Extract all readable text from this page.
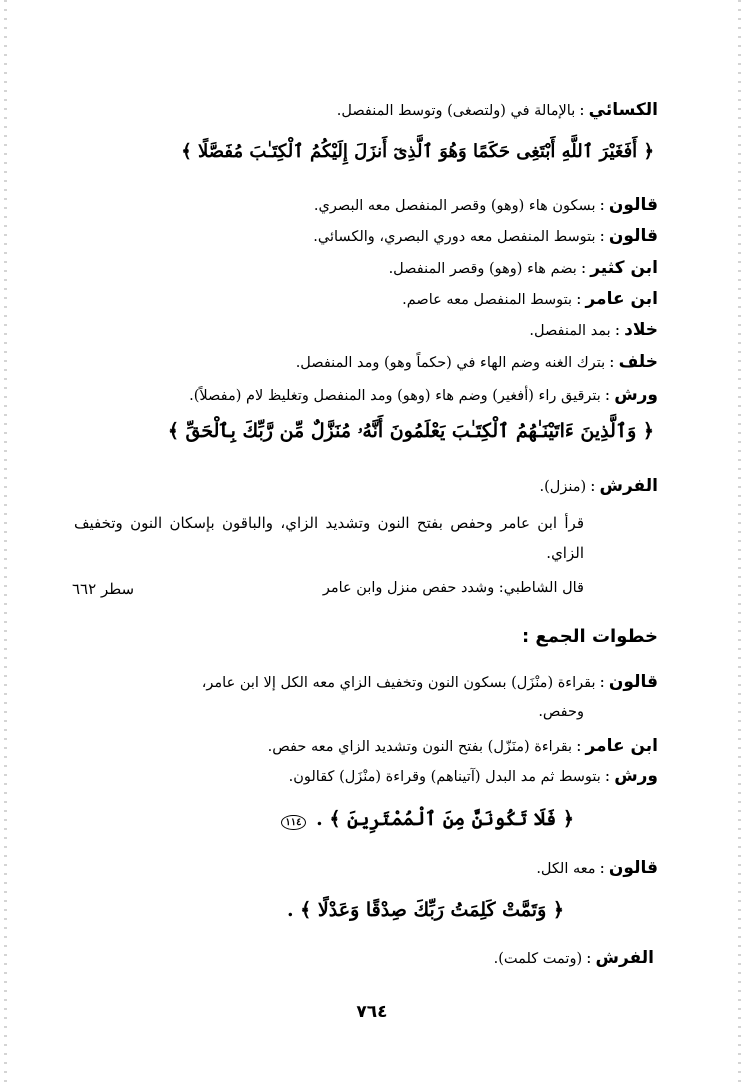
الكسائي
:
بالإمالة في (ولتصغى) وتوسط المنفصل.
﴿ أَفَغَيْرَ ٱللَّهِ أَبْتَغِى حَكَمًا وَهُوَ ٱلَّذِىٓ أَنزَلَ إِلَيْكُمُ ٱلْكِتَـٰبَ مُفَصَّلًا ﴾
قالون
:
بسكون هاء (وهو) وقصر المنفصل معه البصري.
قالون
:
بتوسط المنفصل معه دوري البصري، والكسائي.
ابن كثير
:
بضم هاء (وهو) وقصر المنفصل.
ابن عامر
:
بتوسط المنفصل معه عاصم.
خلاد
:
بمد المنفصل.
خلف
:
بترك الغنه وضم الهاء في (حكماً وهو) ومد المنفصل.
ورش
:
بترقيق راء (أفغير) وضم هاء (وهو) ومد المنفصل وتغليظ لام (مفصلاً).
﴿ وَٱلَّذِينَ ءَاتَيْنَـٰهُمُ ٱلْكِتَـٰبَ يَعْلَمُونَ أَنَّهُۥ مُنَزَّلٌ مِّن رَّبِّكَ بِٱلْحَقِّ ﴾
الفرش
:
(منزل).
قرأ ابن عامر وحفص بفتح النون وتشديد الزاي، والباقون بإسكان النون وتخفيف الزاي.
قال الشاطبي: وشدد حفص منزل وابن عامر
سطر ٦٦٢
خطوات الجمع :
قالون
:
بقراءة (منْزَل) بسكون النون وتخفيف الزاي معه الكل إلا ابن عامر،
وحفص.
ابن عامر
:
بقراءة (منَزّل) بفتح النون وتشديد الزاي معه حفص.
ورش
:
بتوسط ثم مد البدل (آتيناهم) وقراءة (منْزَل) كقالون.
﴿ فَلَا تَكُونَنَّ مِنَ ٱلْمُمْتَرِينَ ﴾ . ١١٤
قالون
:
معه الكل.
﴿ وَتَمَّتْ كَلِمَتُ رَبِّكَ صِدْقًا وَعَدْلًا ﴾ .
الفرش
:
(وتمت كلمت).
٧٦٤
